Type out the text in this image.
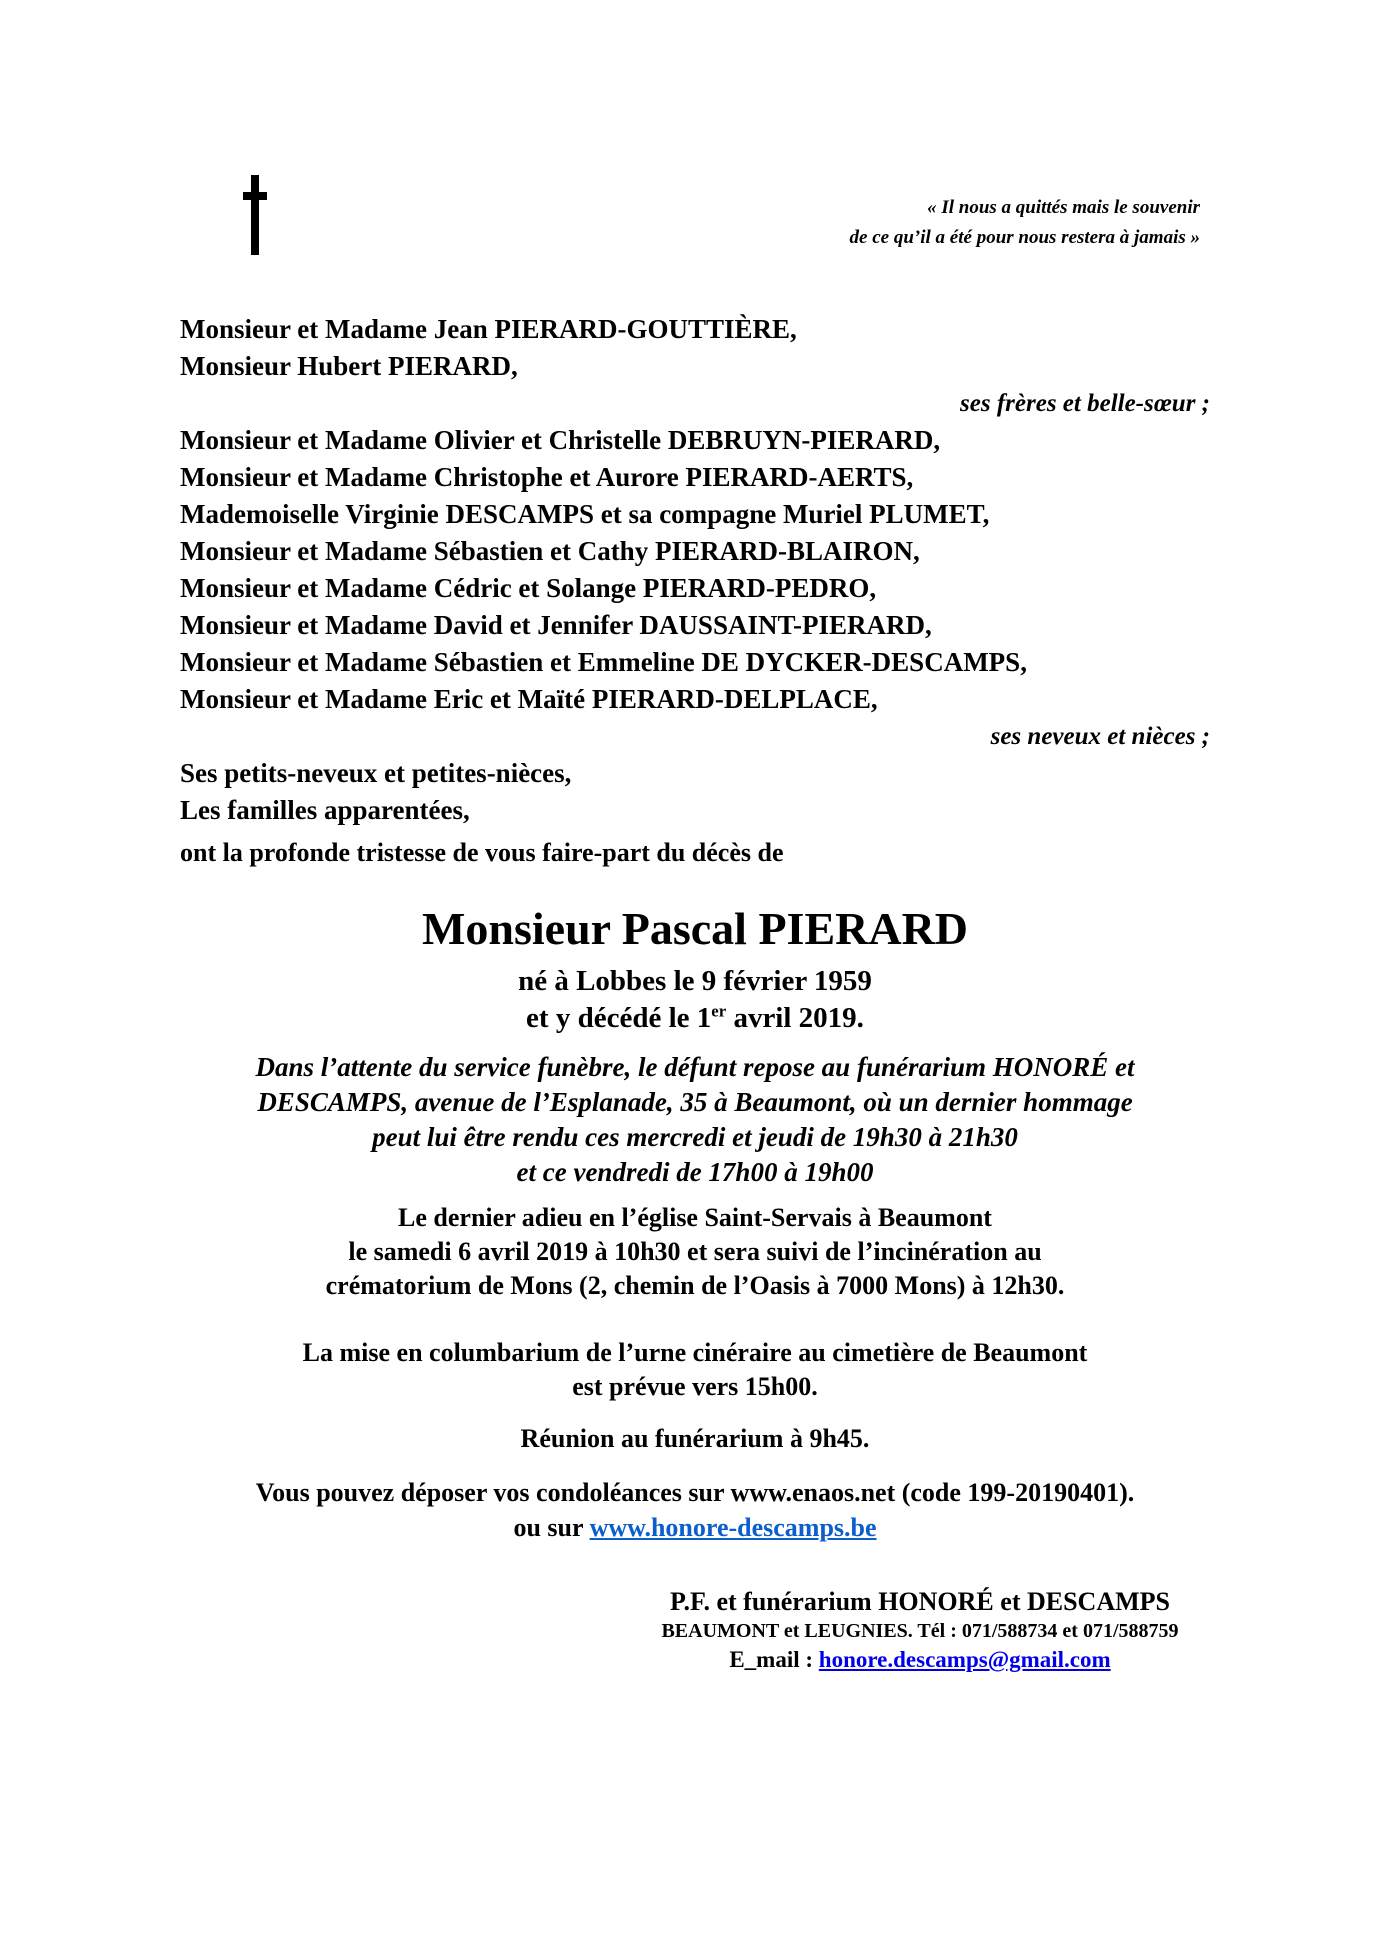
« Il nous a quittés mais le souvenir
de ce qu’il a été pour nous restera à jamais »
Monsieur et Madame Jean PIERARD-GOUTTIÈRE,
Monsieur Hubert PIERARD,
ses frères et belle-sœur ;
Monsieur et Madame Olivier et Christelle DEBRUYN-PIERARD,
Monsieur et Madame Christophe et Aurore PIERARD-AERTS,
Mademoiselle Virginie DESCAMPS et sa compagne Muriel PLUMET,
Monsieur et Madame Sébastien et Cathy PIERARD-BLAIRON,
Monsieur et Madame Cédric et Solange PIERARD-PEDRO,
Monsieur et Madame David et Jennifer DAUSSAINT-PIERARD,
Monsieur et Madame Sébastien et Emmeline DE DYCKER-DESCAMPS,
Monsieur et Madame Eric et Maïté PIERARD-DELPLACE,
ses neveux et nièces ;
Ses petits-neveux et petites-nièces,
Les familles apparentées,
ont la profonde tristesse de vous faire-part du décès de
Monsieur Pascal PIERARD
né à Lobbes le 9 février 1959
et y décédé le 1er avril 2019.
Dans l’attente du service funèbre, le défunt repose au funérarium HONORÉ et
DESCAMPS, avenue de l’Esplanade, 35 à Beaumont, où un dernier hommage
peut lui être rendu ces mercredi et jeudi de 19h30 à 21h30
et ce vendredi de 17h00 à 19h00
Le dernier adieu en l’église Saint-Servais à Beaumont
le samedi 6 avril 2019 à 10h30 et sera suivi de l’incinération au
crématorium de Mons (2, chemin de l’Oasis à 7000 Mons) à 12h30.
La mise en columbarium de l’urne cinéraire au cimetière de Beaumont
est prévue vers 15h00.
Réunion au funérarium à 9h45.
Vous pouvez déposer vos condoléances sur www.enaos.net (code 199-20190401).
ou sur www.honore-descamps.be
P.F. et funérarium HONORÉ et DESCAMPS
BEAUMONT et LEUGNIES. Tél : 071/588734 et 071/588759
E_mail : honore.descamps@gmail.com
